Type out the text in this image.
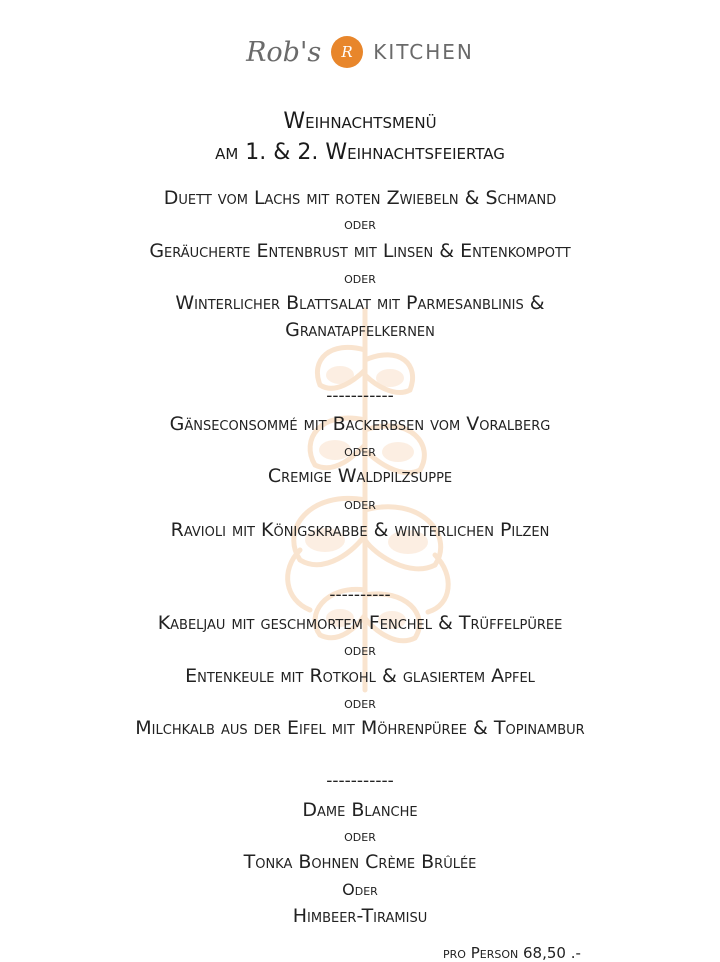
Rob's R KITCHEN
Weihnachtsmenü
am 1. & 2. Weihnachtsfeiertag
Duett vom Lachs mit roten Zwiebeln & Schmand
oder
Geräucherte Entenbrust mit Linsen & Entenkompott
oder
Winterlicher Blattsalat mit Parmesanblinis &
Granatapfelkernen
-----------
Gänseconsommé mit Backerbsen vom Voralberg
oder
Cremige Waldpilzsuppe
oder
Ravioli mit Königskrabbe & winterlichen Pilzen
----------
Kabeljau mit geschmortem Fenchel & Trüffelpüree
oder
Entenkeule mit Rotkohl & glasiertem Apfel
oder
Milchkalb aus der Eifel mit Möhrenpüree & Topinambur
-----------
Dame Blanche
oder
Tonka Bohnen Crème Brûlée
Oder
Himbeer-Tiramisu
pro Person 68,50 .-
